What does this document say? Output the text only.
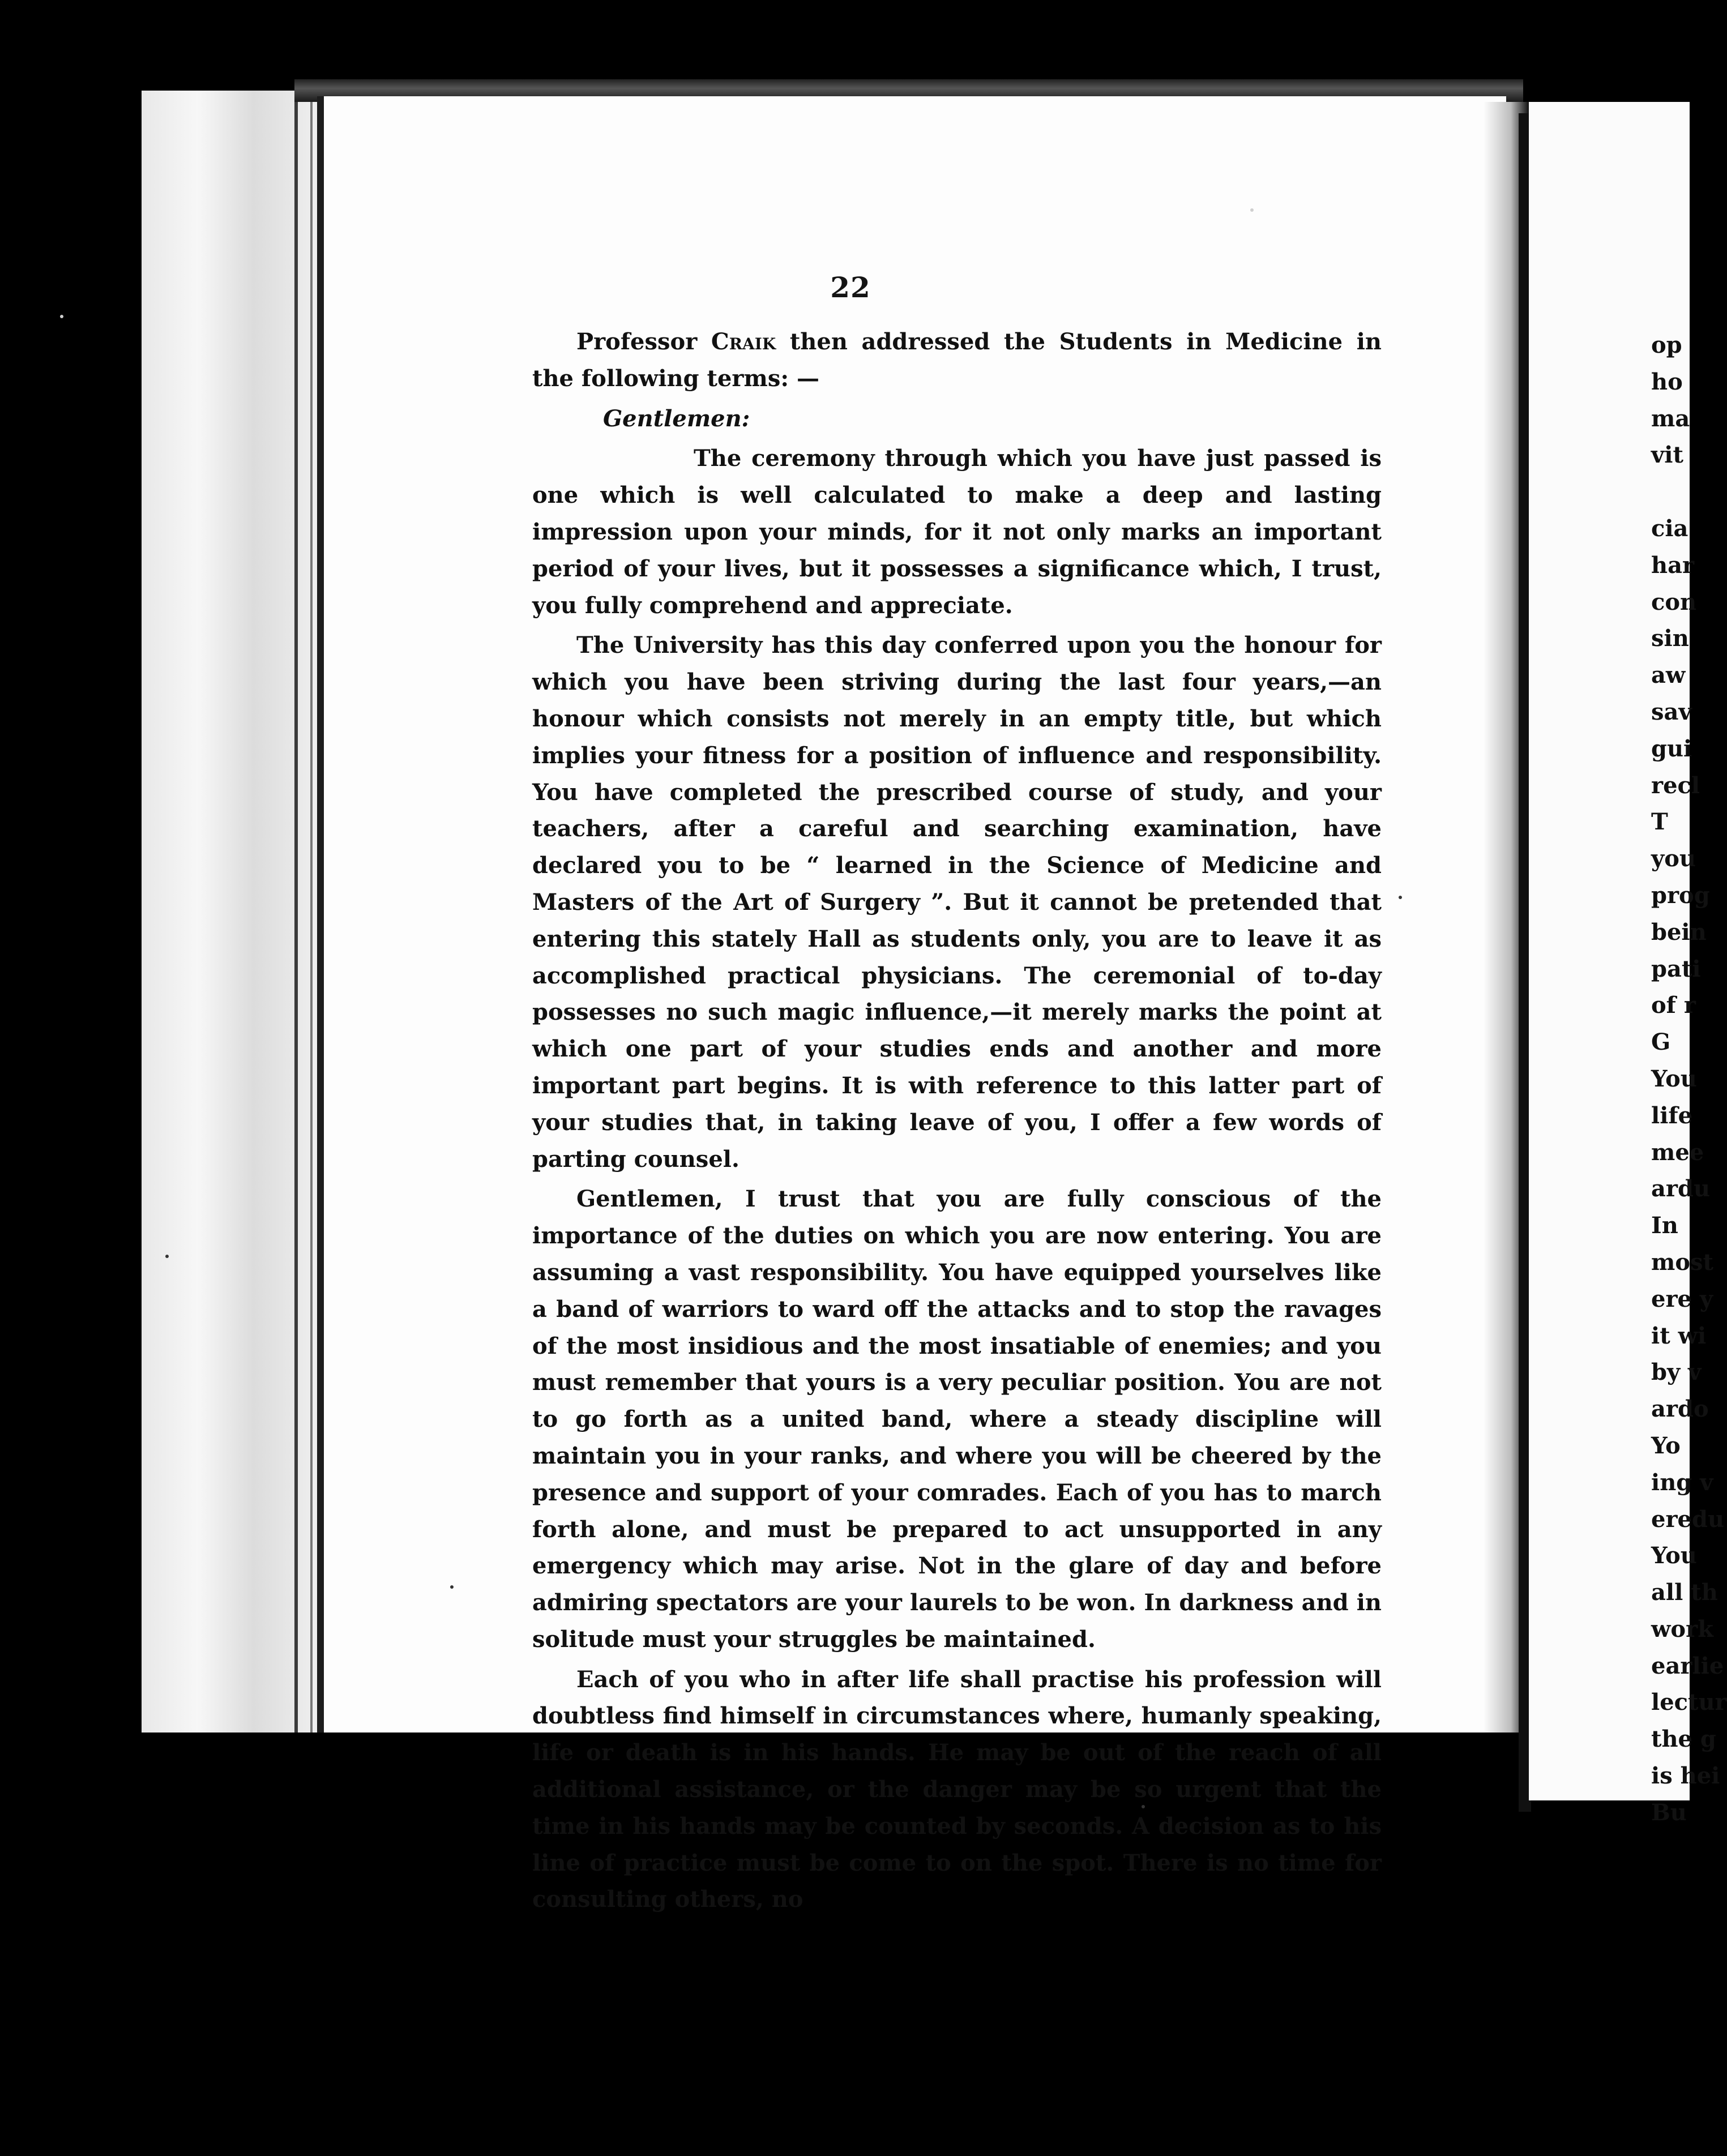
22

Professor Craik then addressed the Students in Medicine in the following terms: —

Gentlemen:

The ceremony through which you have just passed is one which is well calculated to make a deep and lasting impression upon your minds, for it not only marks an important period of your lives, but it possesses a significance which, I trust, you fully comprehend and appreciate.

The University has this day conferred upon you the honour for which you have been striving during the last four years,—an honour which consists not merely in an empty title, but which implies your fitness for a position of influence and responsibility. You have completed the prescribed course of study, and your teachers, after a careful and searching examination, have declared you to be “ learned in the Science of Medicine and Masters of the Art of Surgery ”. But it cannot be pretended that entering this stately Hall as students only, you are to leave it as accomplished practical physicians. The ceremonial of to-day possesses no such magic influence,—it merely marks the point at which one part of your studies ends and another and more important part begins. It is with reference to this latter part of your studies that, in taking leave of you, I offer a few words of parting counsel.

Gentlemen, I trust that you are fully conscious of the importance of the duties on which you are now entering. You are assuming a vast responsibility. You have equipped yourselves like a band of warriors to ward off the attacks and to stop the ravages of the most insidious and the most insatiable of enemies; and you must remember that yours is a very peculiar position. You are not to go forth as a united band, where a steady discipline will maintain you in your ranks, and where you will be cheered by the presence and support of your comrades. Each of you has to march forth alone, and must be prepared to act unsupported in any emergency which may arise. Not in the glare of day and before admiring spectators are your laurels to be won. In darkness and in solitude must your struggles be maintained.

Each of you who in after life shall practise his profession will doubtless find himself in circumstances where, humanly speaking, life or death is in his hands. He may be out of the reach of all additional assistance, or the danger may be so urgent that the time in his hands may be counted by seconds. A decision as to his line of practice must be come to on the spot. There is no time for consulting others, no

op
ho
ma
vit
cia
har
con
sin
aw
sav
gui
recl
T
you
prog
bein
pati
of r
G
You
life
mee
ardu
In
most
ere y
it wi
by v
ardo
Yo
ing v
eredu
You
all th
work
earlie
lectur
the g
is hei
Bu
